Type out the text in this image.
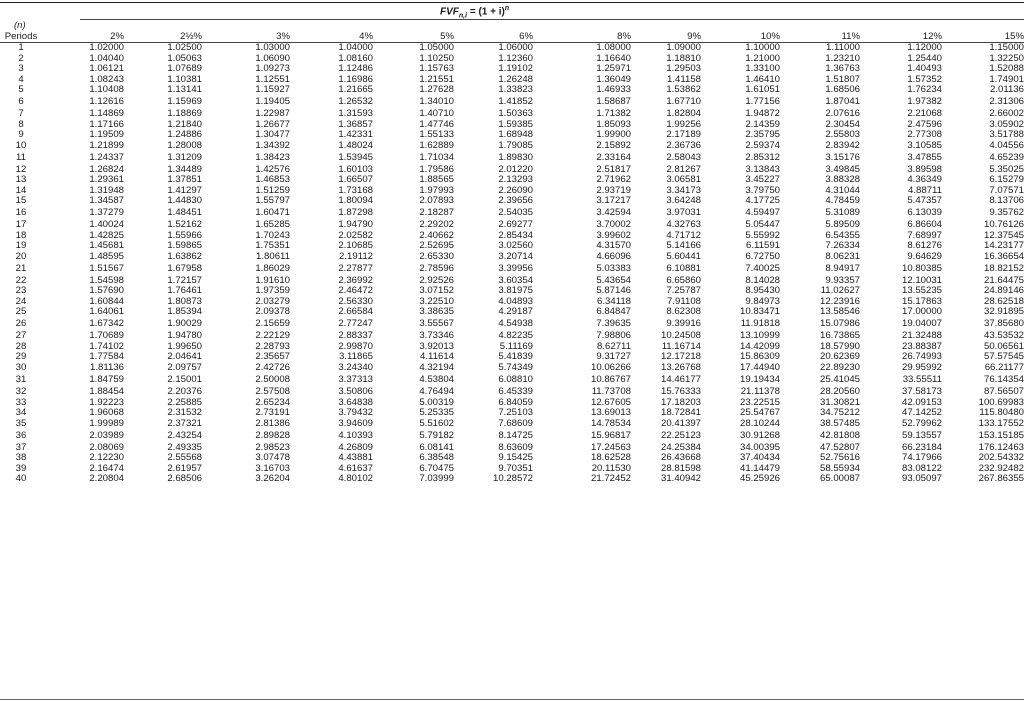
$FVF_{n,i} = (1 + i)^n$
(n)
Periods	2%	2½%	3%	4%	5%	6%	8%	9%	10%	11%	12%	15%
1	1.02000	1.02500	1.03000	1.04000	1.05000	1.06000	1.08000	1.09000	1.10000	1.11000	1.12000	1.15000
2	1.04040	1.05063	1.06090	1.08160	1.10250	1.12360	1.16640	1.18810	1.21000	1.23210	1.25440	1.32250
3	1.06121	1.07689	1.09273	1.12486	1.15763	1.19102	1.25971	1.29503	1.33100	1.36763	1.40493	1.52088
4	1.08243	1.10381	1.12551	1.16986	1.21551	1.26248	1.36049	1.41158	1.46410	1.51807	1.57352	1.74901
5	1.10408	1.13141	1.15927	1.21665	1.27628	1.33823	1.46933	1.53862	1.61051	1.68506	1.76234	2.01136
6	1.12616	1.15969	1.19405	1.26532	1.34010	1.41852	1.58687	1.67710	1.77156	1.87041	1.97382	2.31306
7	1.14869	1.18869	1.22987	1.31593	1.40710	1.50363	1.71382	1.82804	1.94872	2.07616	2.21068	2.66002
8	1.17166	1.21840	1.26677	1.36857	1.47746	1.59385	1.85093	1.99256	2.14359	2.30454	2.47596	3.05902
9	1.19509	1.24886	1.30477	1.42331	1.55133	1.68948	1.99900	2.17189	2.35795	2.55803	2.77308	3.51788
10	1.21899	1.28008	1.34392	1.48024	1.62889	1.79085	2.15892	2.36736	2.59374	2.83942	3.10585	4.04556
11	1.24337	1.31209	1.38423	1.53945	1.71034	1.89830	2.33164	2.58043	2.85312	3.15176	3.47855	4.65239
12	1.26824	1.34489	1.42576	1.60103	1.79586	2.01220	2.51817	2.81267	3.13843	3.49845	3.89598	5.35025
13	1.29361	1.37851	1.46853	1.66507	1.88565	2.13293	2.71962	3.06581	3.45227	3.88328	4.36349	6.15279
14	1.31948	1.41297	1.51259	1.73168	1.97993	2.26090	2.93719	3.34173	3.79750	4.31044	4.88711	7.07571
15	1.34587	1.44830	1.55797	1.80094	2.07893	2.39656	3.17217	3.64248	4.17725	4.78459	5.47357	8.13706
16	1.37279	1.48451	1.60471	1.87298	2.18287	2.54035	3.42594	3.97031	4.59497	5.31089	6.13039	9.35762
17	1.40024	1.52162	1.65285	1.94790	2.29202	2.69277	3.70002	4.32763	5.05447	5.89509	6.86604	10.76126
18	1.42825	1.55966	1.70243	2.02582	2.40662	2.85434	3.99602	4.71712	5.55992	6.54355	7.68997	12.37545
19	1.45681	1.59865	1.75351	2.10685	2.52695	3.02560	4.31570	5.14166	6.11591	7.26334	8.61276	14.23177
20	1.48595	1.63862	1.80611	2.19112	2.65330	3.20714	4.66096	5.60441	6.72750	8.06231	9.64629	16.36654
21	1.51567	1.67958	1.86029	2.27877	2.78596	3.39956	5.03383	6.10881	7.40025	8.94917	10.80385	18.82152
22	1.54598	1.72157	1.91610	2.36992	2.92526	3.60354	5.43654	6.65860	8.14028	9.93357	12.10031	21.64475
23	1.57690	1.76461	1.97359	2.46472	3.07152	3.81975	5.87146	7.25787	8.95430	11.02627	13.55235	24.89146
24	1.60844	1.80873	2.03279	2.56330	3.22510	4.04893	6.34118	7.91108	9.84973	12.23916	15.17863	28.62518
25	1.64061	1.85394	2.09378	2.66584	3.38635	4.29187	6.84847	8.62308	10.83471	13.58546	17.00000	32.91895
26	1.67342	1.90029	2.15659	2.77247	3.55567	4.54938	7.39635	9.39916	11.91818	15.07986	19.04007	37.85680
27	1.70689	1.94780	2.22129	2.88337	3.73346	4.82235	7.98806	10.24508	13.10999	16.73865	21.32488	43.53532
28	1.74102	1.99650	2.28793	2.99870	3.92013	5.11169	8.62711	11.16714	14.42099	18.57990	23.88387	50.06561
29	1.77584	2.04641	2.35657	3.11865	4.11614	5.41839	9.31727	12.17218	15.86309	20.62369	26.74993	57.57545
30	1.81136	2.09757	2.42726	3.24340	4.32194	5.74349	10.06266	13.26768	17.44940	22.89230	29.95992	66.21177
31	1.84759	2.15001	2.50008	3.37313	4.53804	6.08810	10.86767	14.46177	19.19434	25.41045	33.55511	76.14354
32	1.88454	2.20376	2.57508	3.50806	4.76494	6.45339	11.73708	15.76333	21.11378	28.20560	37.58173	87.56507
33	1.92223	2.25885	2.65234	3.64838	5.00319	6.84059	12.67605	17.18203	23.22515	31.30821	42.09153	100.69983
34	1.96068	2.31532	2.73191	3.79432	5.25335	7.25103	13.69013	18.72841	25.54767	34.75212	47.14252	115.80480
35	1.99989	2.37321	2.81386	3.94609	5.51602	7.68609	14.78534	20.41397	28.10244	38.57485	52.79962	133.17552
36	2.03989	2.43254	2.89828	4.10393	5.79182	8.14725	15.96817	22.25123	30.91268	42.81808	59.13557	153.15185
37	2.08069	2.49335	2.98523	4.26809	6.08141	8.63609	17.24563	24.25384	34.00395	47.52807	66.23184	176.12463
38	2.12230	2.55568	3.07478	4.43881	6.38548	9.15425	18.62528	26.43668	37.40434	52.75616	74.17966	202.54332
39	2.16474	2.61957	3.16703	4.61637	6.70475	9.70351	20.11530	28.81598	41.14479	58.55934	83.08122	232.92482
40	2.20804	2.68506	3.26204	4.80102	7.03999	10.28572	21.72452	31.40942	45.25926	65.00087	93.05097	267.86355
